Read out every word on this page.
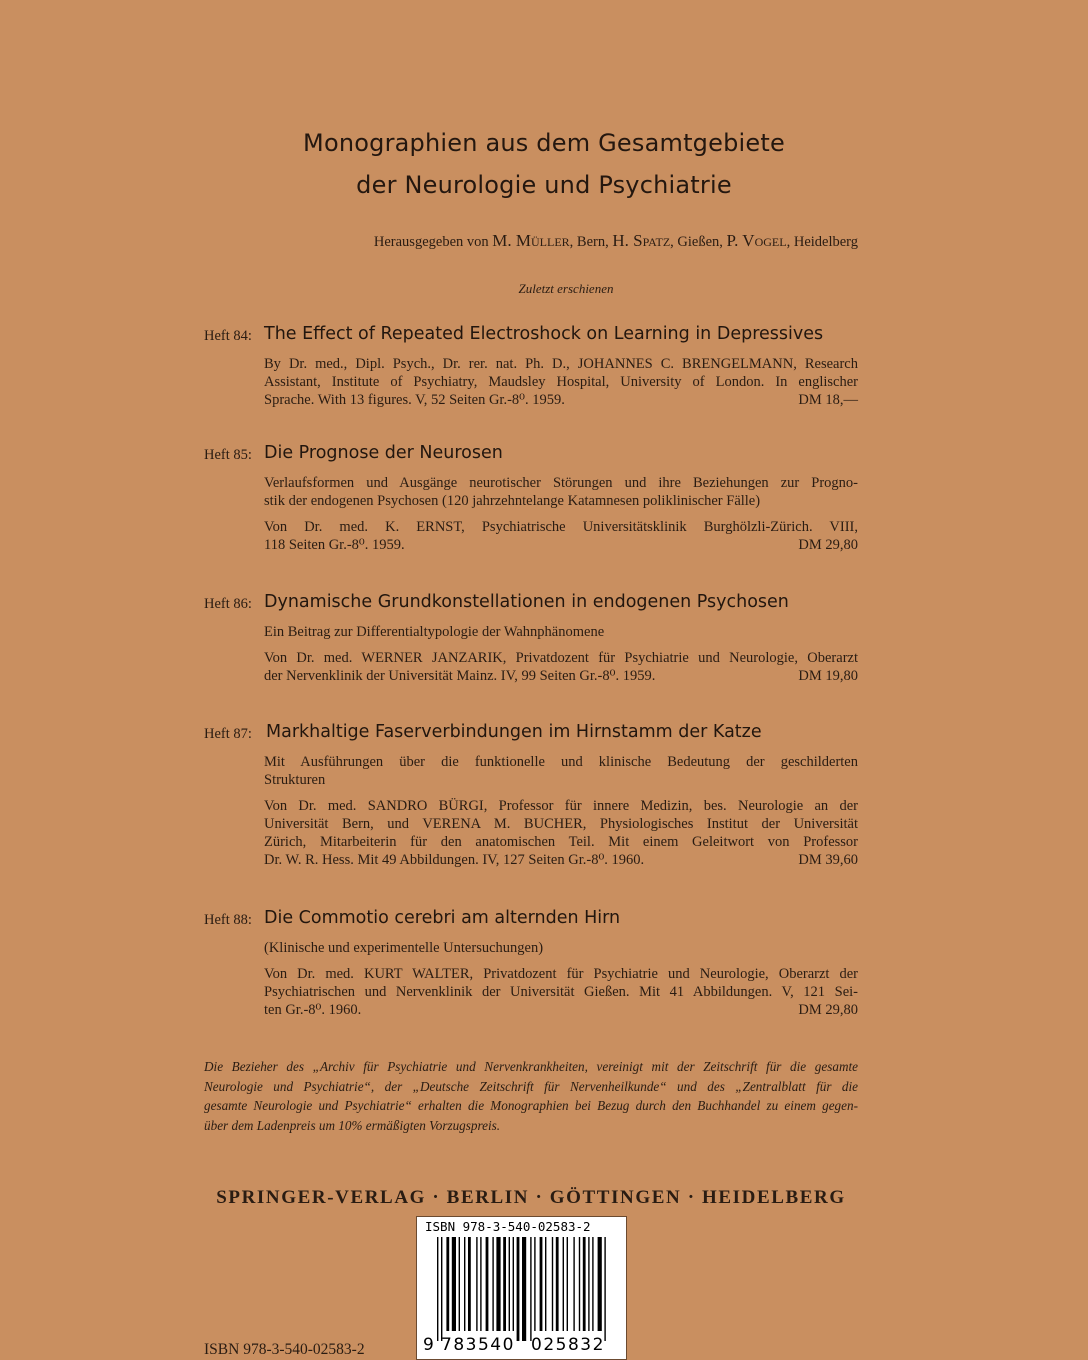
Monographien aus dem Gesamtgebiete
der Neurologie und Psychiatrie
Herausgegeben von M. Müller, Bern, H. Spatz, Gießen, P. Vogel, Heidelberg
Zuletzt erschienen
Heft 84: The Effect of Repeated Electroshock on Learning in Depressives
By Dr. med., Dipl. Psych., Dr. rer. nat. Ph. D., JOHANNES C. BRENGELMANN, Research
Assistant, Institute of Psychiatry, Maudsley Hospital, University of London. In englischer
Sprache. With 13 figures. V, 52 Seiten Gr.-8⁰. 1959.	DM 18,—
Heft 85: Die Prognose der Neurosen
Verlaufsformen und Ausgänge neurotischer Störungen und ihre Beziehungen zur Progno-
stik der endogenen Psychosen (120 jahrzehntelange Katamnesen poliklinischer Fälle)
Von Dr. med. K. ERNST, Psychiatrische Universitätsklinik Burghölzli-Zürich. VIII,
118 Seiten Gr.-8⁰. 1959.	DM 29,80
Heft 86: Dynamische Grundkonstellationen in endogenen Psychosen
Ein Beitrag zur Differentialtypologie der Wahnphänomene
Von Dr. med. WERNER JANZARIK, Privatdozent für Psychiatrie und Neurologie, Oberarzt
der Nervenklinik der Universität Mainz. IV, 99 Seiten Gr.-8⁰. 1959.	DM 19,80
Heft 87: Markhaltige Faserverbindungen im Hirnstamm der Katze
Mit Ausführungen über die funktionelle und klinische Bedeutung der geschilderten
Strukturen
Von Dr. med. SANDRO BÜRGI, Professor für innere Medizin, bes. Neurologie an der
Universität Bern, und VERENA M. BUCHER, Physiologisches Institut der Universität
Zürich, Mitarbeiterin für den anatomischen Teil. Mit einem Geleitwort von Professor
Dr. W. R. Hess. Mit 49 Abbildungen. IV, 127 Seiten Gr.-8⁰. 1960.	DM 39,60
Heft 88: Die Commotio cerebri am alternden Hirn
(Klinische und experimentelle Untersuchungen)
Von Dr. med. KURT WALTER, Privatdozent für Psychiatrie und Neurologie, Oberarzt der
Psychiatrischen und Nervenklinik der Universität Gießen. Mit 41 Abbildungen. V, 121 Sei-
ten Gr.-8⁰. 1960.	DM 29,80
Die Bezieher des „Archiv für Psychiatrie und Nervenkrankheiten, vereinigt mit der Zeitschrift für die gesamte
Neurologie und Psychiatrie“, der „Deutsche Zeitschrift für Nervenheilkunde“ und des „Zentralblatt für die
gesamte Neurologie und Psychiatrie“ erhalten die Monographien bei Bezug durch den Buchhandel zu einem gegen-
über dem Ladenpreis um 10% ermäßigten Vorzugspreis.
SPRINGER-VERLAG · BERLIN · GÖTTINGEN · HEIDELBERG
ISBN 978-3-540-02583-2
ISBN 978-3-540-02583-2
9 783540 025832
